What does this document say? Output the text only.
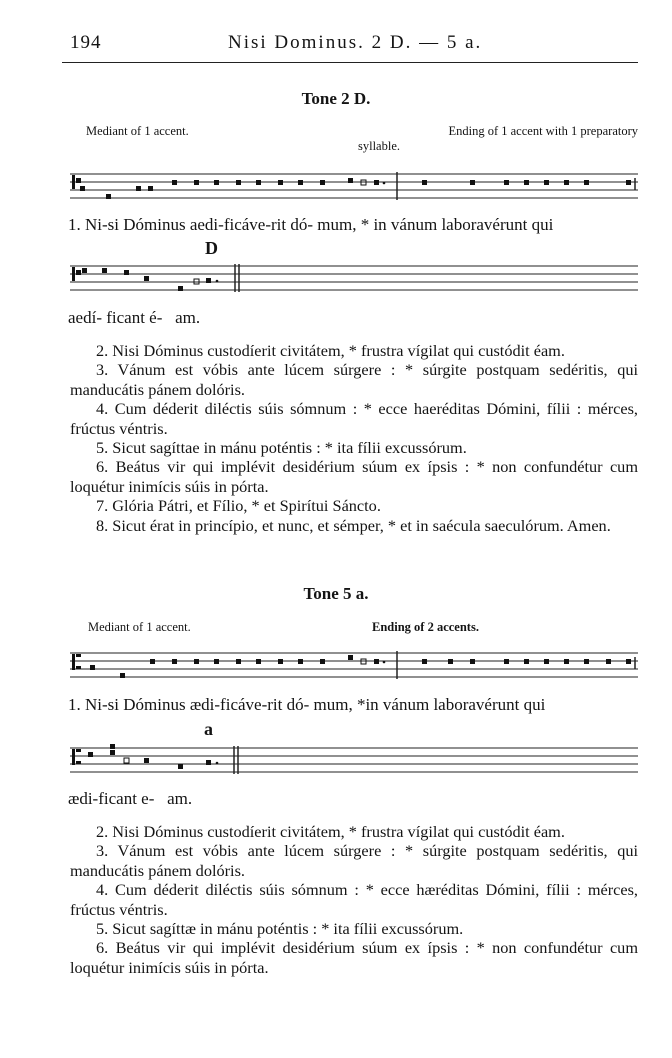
194	Nisi Dominus. 2 D. — 5 a.
Tone 2 D.
Mediant of 1 accent.	Ending of 1 accent with 1 preparatory
syllable.
1. Ni-si Dóminus aedi-ficáve-rit dó- mum, * in vánum laboravérunt qui
D
aedí- ficant é-   am.

2. Nisi Dóminus custodíerit civitátem, * frustra vígilat qui custódit éam.

3. Vánum est vóbis ante lúcem súrgere : * súrgite postquam sedéritis, qui manducátis pánem dolóris.

4. Cum déderit diléctis súis sómnum : * ecce haeréditas Dómini, fílii : mérces, frúctus véntris.

5. Sicut sagíttae in mánu poténtis : * ita fílii excussórum.

6. Beátus vir qui implévit desidérium súum ex ípsis : * non confundétur cum loquétur inimícis súis in pórta.

7. Glória Pátri, et Fílio, * et Spirítui Sáncto.

8. Sicut érat in princípio, et nunc, et sémper, * et in saécula saeculórum. Amen.

Tone 5 a.
Mediant of 1 accent.	Ending of 2 accents.
1. Ni-si Dóminus ædi-ficáve-rit dó- mum, *in vánum laboravérunt qui
a
ædi-ficant e-   am.

2. Nisi Dóminus custodíerit civitátem, * frustra vígilat qui custódit éam.

3. Vánum est vóbis ante lúcem súrgere : * súrgite postquam sedéritis, qui manducátis pánem dolóris.

4. Cum déderit diléctis súis sómnum : * ecce hæréditas Dómini, fílii : mérces, frúctus véntris.

5. Sicut sagíttæ in mánu poténtis : * ita fílii excussórum.

6. Beátus vir qui implévit desidérium súum ex ípsis : * non confundétur cum loquétur inimícis súis in pórta.
